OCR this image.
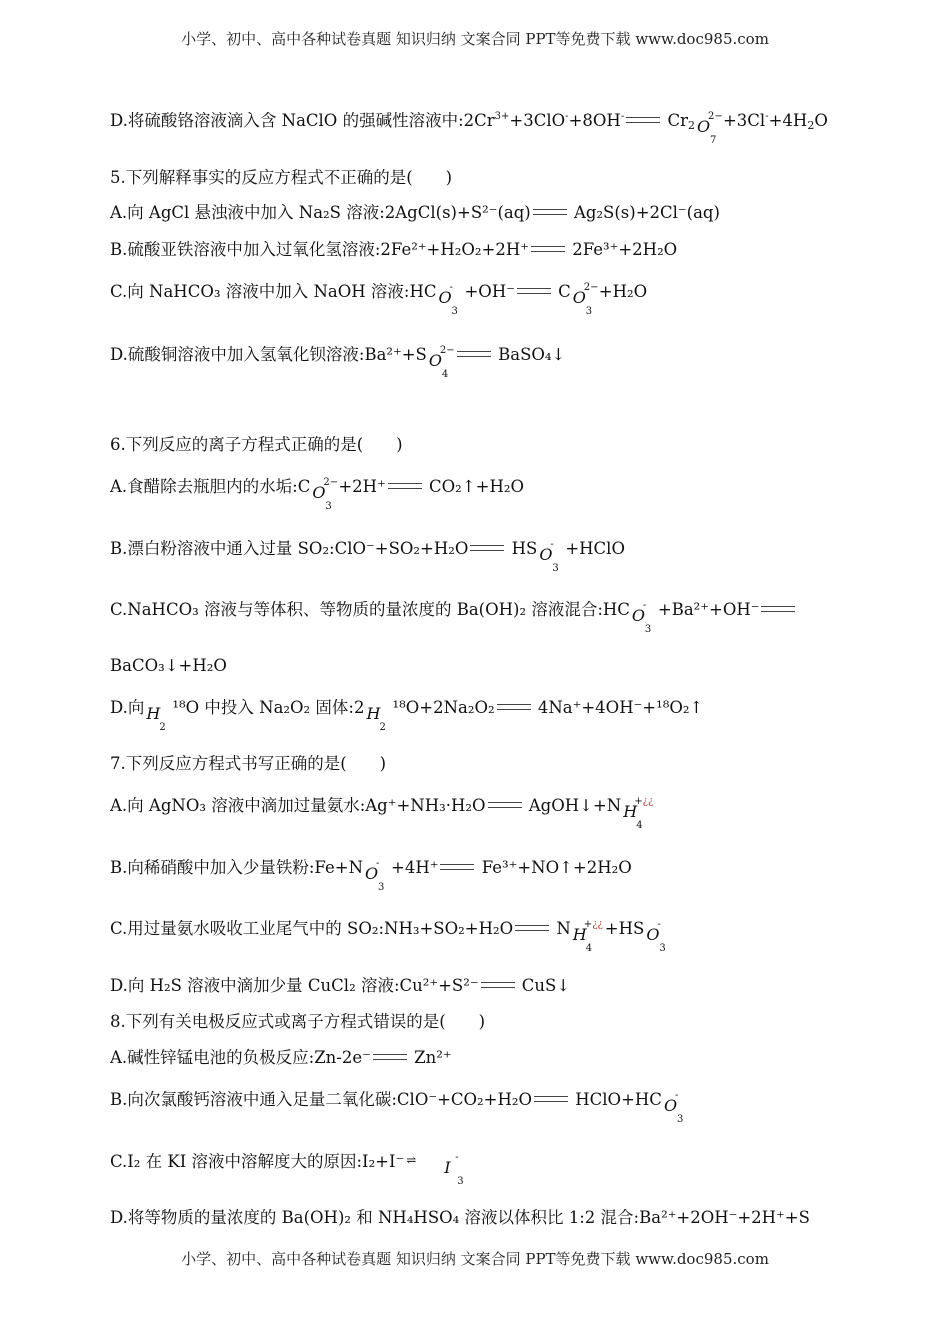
小学、初中、高中各种试卷真题 知识归纳 文案合同 PPT等免费下载 www.doc985.com
D.将硫酸铬溶液滴入含 NaClO 的强碱性溶液中$:2Cr^{3+}+3ClO^-+8OH^-$	$Cr_2$ O
2−
7
$+3Cl^-+4H_2O$
5.下列解释事实的反应方程式不正确的是(　　)
A.向 AgCl 悬浊液中加入 Na₂S 溶液:2AgCl(s)+S²⁻(aq)	Ag₂S(s)+2Cl⁻(aq)
B.硫酸亚铁溶液中加入过氧化氢溶液:2Fe²⁺+H₂O₂+2H⁺	2Fe³⁺+2H₂O
C.向 NaHCO₃ 溶液中加入 NaOH 溶液:HC O
-
3
+OH⁻	C O
2−
3
+H₂O
D.硫酸铜溶液中加入氢氧化钡溶液:Ba²⁺+S O
2−
4
BaSO₄↓
6.下列反应的离子方程式正确的是(　　)
A.食醋除去瓶胆内的水垢:C O
2−
3
+2H⁺	CO₂↑+H₂O
B.漂白粉溶液中通入过量 SO₂:ClO⁻+SO₂+H₂O	HS O
-
3
+HClO
C.NaHCO₃ 溶液与等体积、等物质的量浓度的 Ba(OH)₂ 溶液混合:HC O
-
3
+Ba²⁺+OH⁻
BaCO₃↓+H₂O
D.向 H
2
¹⁸O 中投入 Na₂O₂ 固体:2 H
2
¹⁸O+2Na₂O₂	4Na⁺+4OH⁻+¹⁸O₂↑
7.下列反应方程式书写正确的是(　　)
A.向 AgNO₃ 溶液中滴加过量氨水:Ag⁺+NH₃·H₂O	AgOH↓+N H
+¿¿
4
B.向稀硝酸中加入少量铁粉:Fe+N O
-
3
+4H⁺	Fe³⁺+NO↑+2H₂O
C.用过量氨水吸收工业尾气中的 SO₂:NH₃+SO₂+H₂O	N H
+¿¿
4
+HS O
-
3
D.向 H₂S 溶液中滴加少量 CuCl₂ 溶液:Cu²⁺+S²⁻	CuS↓
8.下列有关电极反应式或离子方程式错误的是(　　)
A.碱性锌锰电池的负极反应:Zn-2e⁻	Zn²⁺
B.向次氯酸钙溶液中通入足量二氧化碳:ClO⁻+CO₂+H₂O	HClO+HC O
-
3
C.I₂ 在 KI 溶液中溶解度大的原因:I₂+I⁻ ⇌ I
-
3
D.将等物质的量浓度的 Ba(OH)₂ 和 NH₄HSO₄ 溶液以体积比 1:2 混合:Ba²⁺+2OH⁻+2H⁺+S
小学、初中、高中各种试卷真题 知识归纳 文案合同 PPT等免费下载 www.doc985.com
